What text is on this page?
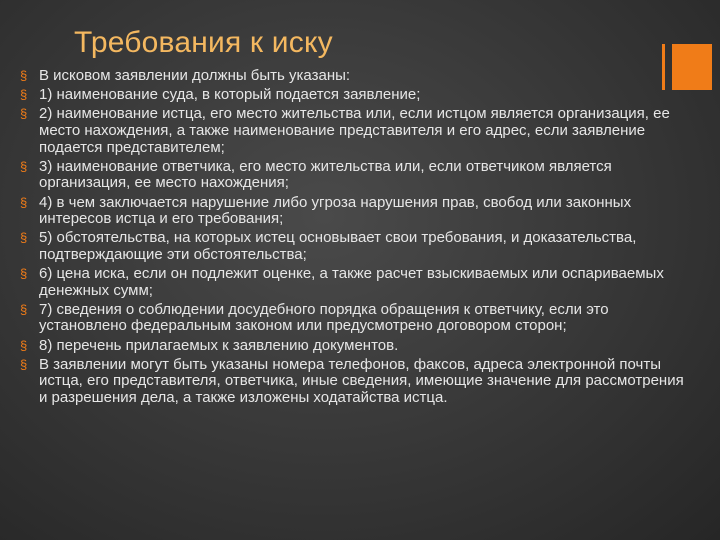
Требования к иску
§ В исковом заявлении должны быть указаны:
§ 1) наименование суда, в который подается заявление;
§ 2) наименование истца, его место жительства или, если истцом является организация, ее место нахождения, а также наименование представителя и его адрес, если заявление подается представителем;
§ 3) наименование ответчика, его место жительства или, если ответчиком является организация, ее место нахождения;
§ 4) в чем заключается нарушение либо угроза нарушения прав, свобод или законных интересов истца и его требования;
§ 5) обстоятельства, на которых истец основывает свои требования, и доказательства, подтверждающие эти обстоятельства;
§ 6) цена иска, если он подлежит оценке, а также расчет взыскиваемых или оспариваемых денежных сумм;
§ 7) сведения о соблюдении досудебного порядка обращения к ответчику, если это установлено федеральным законом или предусмотрено договором сторон;
§ 8) перечень прилагаемых к заявлению документов.
§ В заявлении могут быть указаны номера телефонов, факсов, адреса электронной почты истца, его представителя, ответчика, иные сведения, имеющие значение для рассмотрения и разрешения дела, а также изложены ходатайства истца.
